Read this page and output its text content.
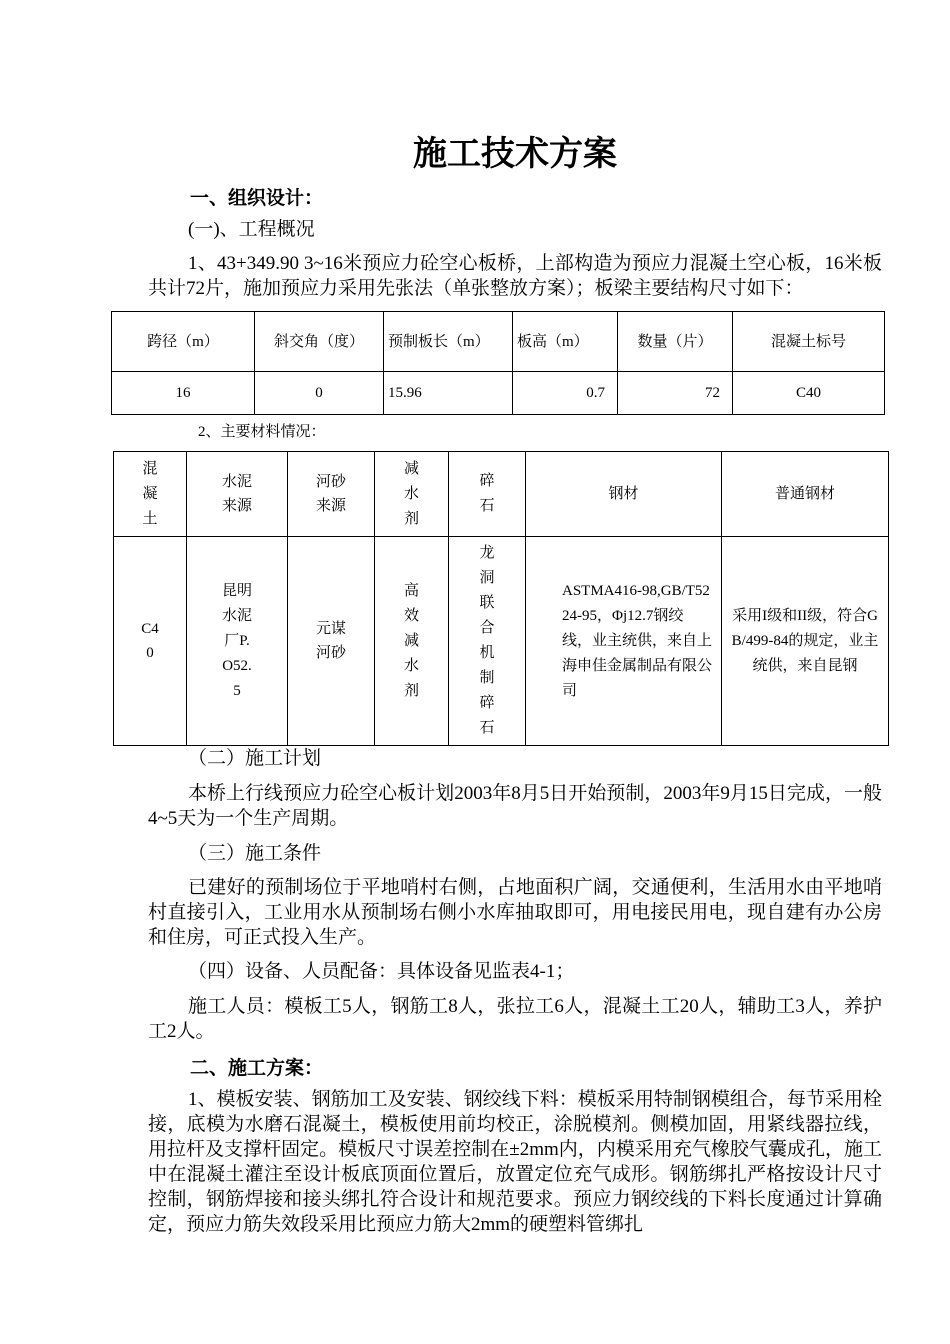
施工技术方案
一、组织设计：
(一)、工程概况
1、43+349.90 3~16米预应力砼空心板桥，上部构造为预应力混凝土空心板，16米板共计72片，施加预应力采用先张法（单张整放方案）；板梁主要结构尺寸如下：
跨径（m）	斜交角（度）	预制板长（m）	板高（m）	数量（片）	混凝土标号
16	0	15.96	0.7	72	C40
2、主要材料情况：
混凝土	水泥来源	河砂来源	减水剂	碎石	钢材	普通钢材

C40	昆明水泥厂P.O52.5	元谋河砂	高效减水剂	龙洞联合机制碎石	ASTMA416-98,GB/T5224-95，Φj12.7钢绞线，业主统供，来自上海申佳金属制品有限公司	采用I级和II级，符合GB/499-84的规定，业主统供，来自昆钢
（二）施工计划
本桥上行线预应力砼空心板计划2003年8月5日开始预制，2003年9月15日完成，一般4~5天为一个生产周期。
（三）施工条件
已建好的预制场位于平地哨村右侧，占地面积广阔，交通便利，生活用水由平地哨村直接引入，工业用水从预制场右侧小水库抽取即可，用电接民用电，现自建有办公房和住房，可正式投入生产。
（四）设备、人员配备：具体设备见监表4-1；
施工人员：模板工5人，钢筋工8人，张拉工6人，混凝土工20人，辅助工3人，养护工2人。
二、施工方案：
1、模板安装、钢筋加工及安装、钢绞线下料：模板采用特制钢模组合，每节采用栓接，底模为水磨石混凝土，模板使用前均校正，涂脱模剂。侧模加固，用紧线器拉线，用拉杆及支撑杆固定。模板尺寸误差控制在±2mm内，内模采用充气橡胶气囊成孔，施工中在混凝土灌注至设计板底顶面位置后，放置定位充气成形。钢筋绑扎严格按设计尺寸控制，钢筋焊接和接头绑扎符合设计和规范要求。预应力钢绞线的下料长度通过计算确定，预应力筋失效段采用比预应力筋大2mm的硬塑料管绑扎
